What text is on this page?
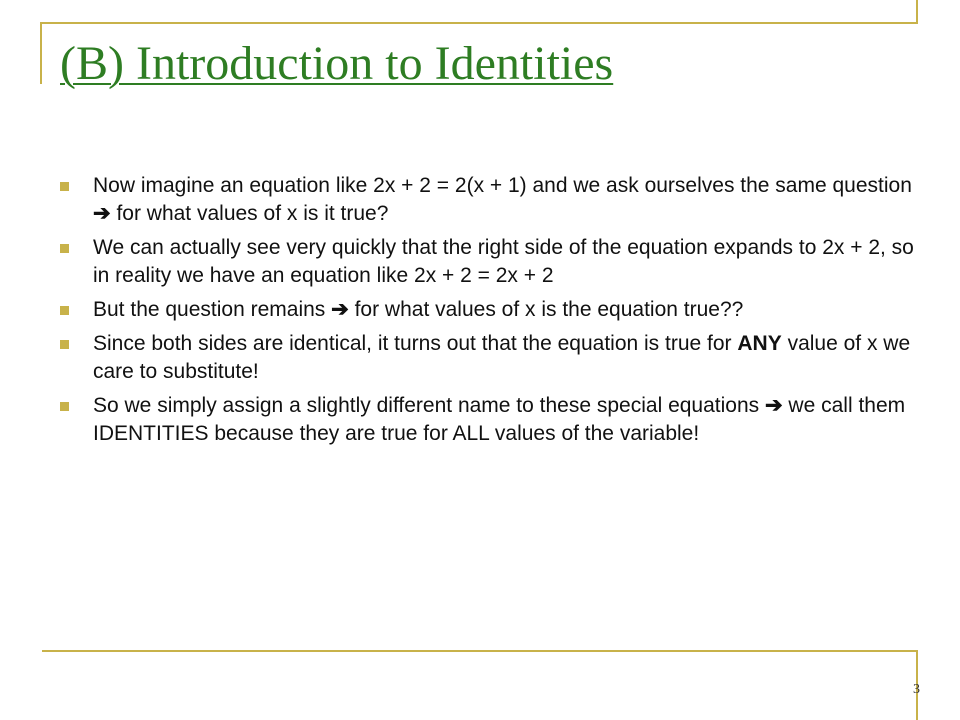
(B) Introduction to Identities
Now imagine an equation like 2x + 2 = 2(x + 1) and we ask ourselves the same question ➔ for what values of x is it true?
We can actually see very quickly that the right side of the equation expands to 2x + 2, so in reality we have an equation like 2x + 2 = 2x + 2
But the question remains ➔ for what values of x is the equation true??
Since both sides are identical, it turns out that the equation is true for ANY value of x we care to substitute!
So we simply assign a slightly different name to these special equations ➔ we call them IDENTITIES because they are true for ALL values of the variable!
3
